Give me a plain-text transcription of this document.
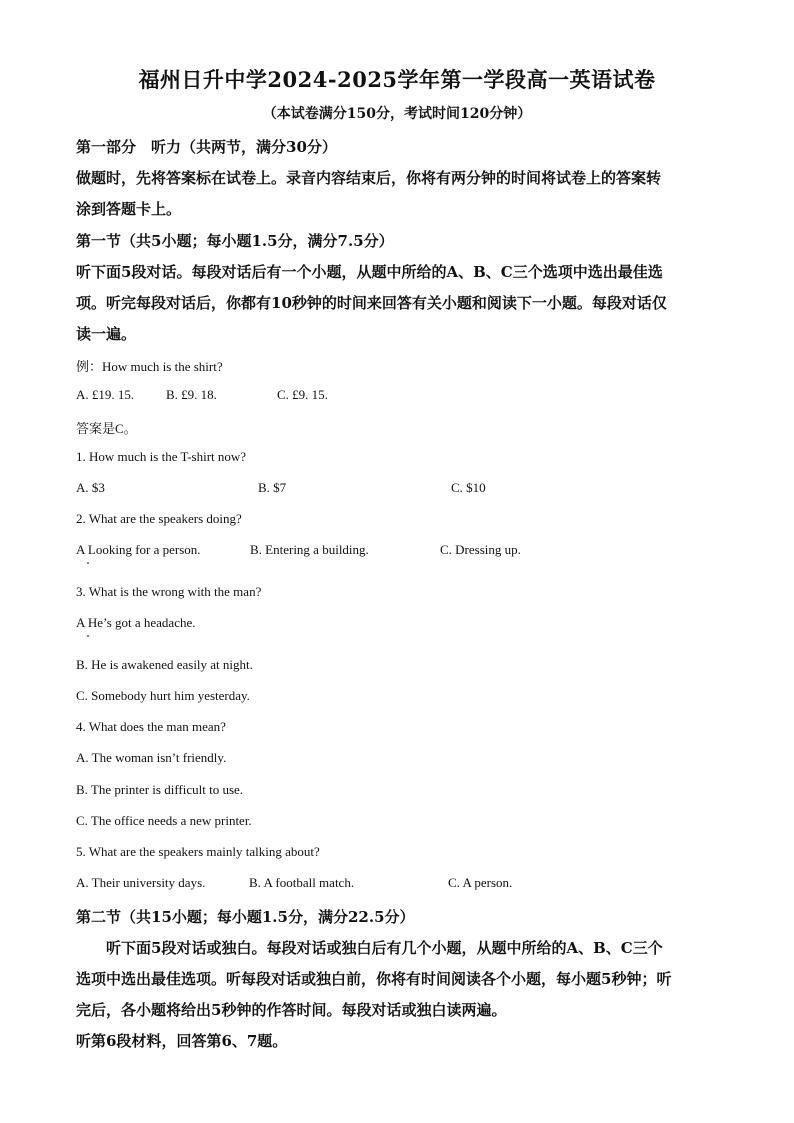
福州日升中学2024-2025学年第一学段高一英语试卷
（本试卷满分150分，考试时间120分钟）
第一部分　听力（共两节，满分30分）
做题时，先将答案标在试卷上。录音内容结束后，你将有两分钟的时间将试卷上的答案转
涂到答题卡上。
第一节（共5小题；每小题1.5分，满分7.5分）
听下面5段对话。每段对话后有一个小题，从题中所给的A、B、C三个选项中选出最佳选
项。听完每段对话后，你都有10秒钟的时间来回答有关小题和阅读下一小题。每段对话仅
读一遍。
例：How much is the shirt?
A. £19. 15. B. £9. 18.	C. £9. 15.
答案是C。
1. How much is the T-shirt now?
A. $3	B. $7	C. $10
2. What are the speakers doing?
A Looking for a person.	B. Entering a building.	C. Dressing up.
3. What is the wrong with the man?
A He’s got a headache.
B. He is awakened easily at night.
C. Somebody hurt him yesterday.
4. What does the man mean?
A. The woman isn’t friendly.
B. The printer is difficult to use.
C. The office needs a new printer.
5. What are the speakers mainly talking about?
A. Their university days.	B. A football match.	C. A person.
第二节（共15小题；每小题1.5分，满分22.5分）
听下面5段对话或独白。每段对话或独白后有几个小题，从题中所给的A、B、C三个
选项中选出最佳选项。听每段对话或独白前，你将有时间阅读各个小题，每小题5秒钟；听
完后，各小题将给出5秒钟的作答时间。每段对话或独白读两遍。
听第6段材料，回答第6、7题。
